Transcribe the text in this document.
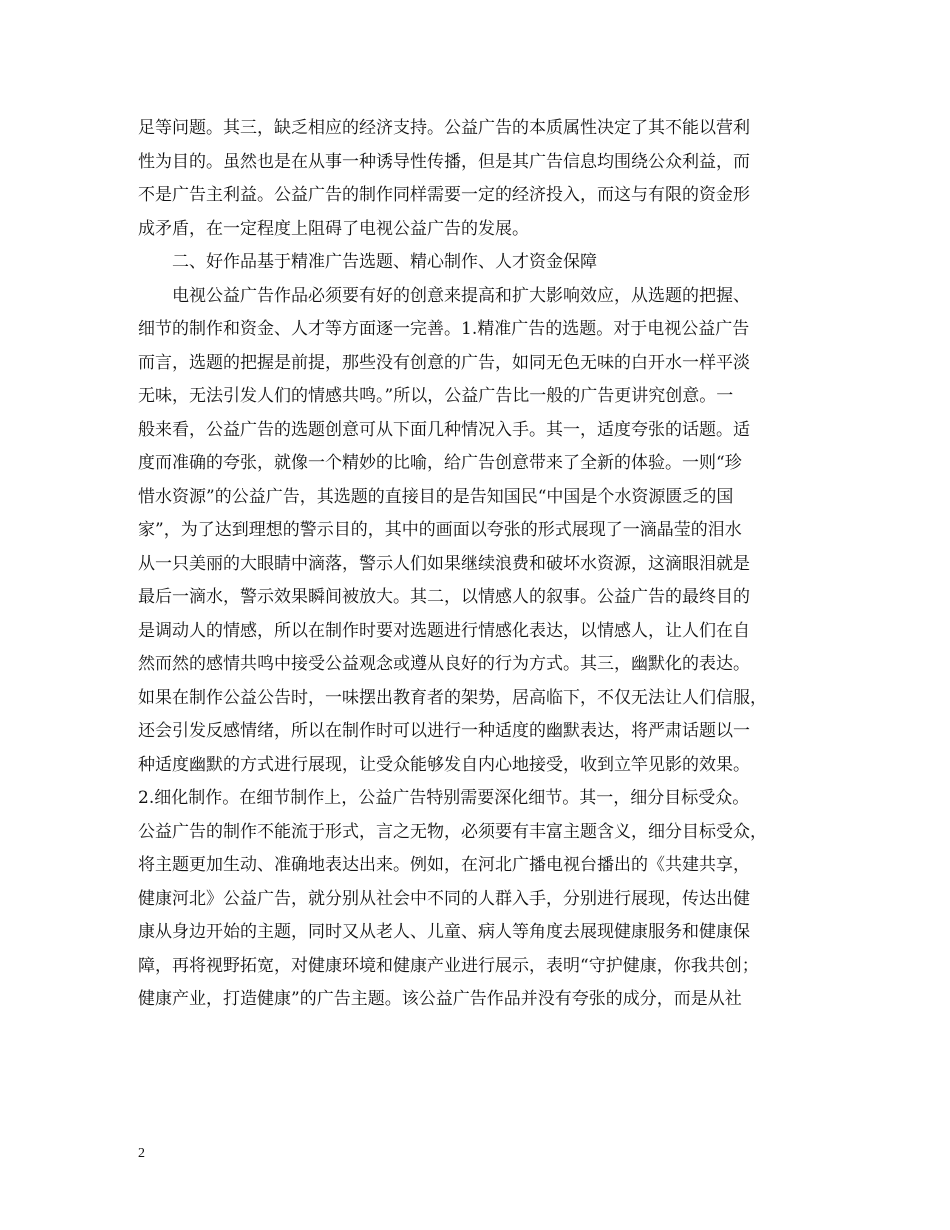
足等问题。其三，缺乏相应的经济支持。公益广告的本质属性决定了其不能以营利
性为目的。虽然也是在从事一种诱导性传播，但是其广告信息均围绕公众利益，而
不是广告主利益。公益广告的制作同样需要一定的经济投入，而这与有限的资金形
成矛盾，在一定程度上阻碍了电视公益广告的发展。
二、好作品基于精准广告选题、精心制作、人才资金保障
电视公益广告作品必须要有好的创意来提高和扩大影响效应，从选题的把握、
细节的制作和资金、人才等方面逐一完善。1.精准广告的选题。对于电视公益广告
而言，选题的把握是前提，那些没有创意的广告，如同无色无味的白开水一样平淡
无味，无法引发人们的情感共鸣。”所以，公益广告比一般的广告更讲究创意。一
般来看，公益广告的选题创意可从下面几种情况入手。其一，适度夸张的话题。适
度而准确的夸张，就像一个精妙的比喻，给广告创意带来了全新的体验。一则“珍
惜水资源”的公益广告，其选题的直接目的是告知国民“中国是个水资源匮乏的国
家”，为了达到理想的警示目的，其中的画面以夸张的形式展现了一滴晶莹的泪水
从一只美丽的大眼睛中滴落，警示人们如果继续浪费和破坏水资源，这滴眼泪就是
最后一滴水，警示效果瞬间被放大。其二，以情感人的叙事。公益广告的最终目的
是调动人的情感，所以在制作时要对选题进行情感化表达，以情感人，让人们在自
然而然的感情共鸣中接受公益观念或遵从良好的行为方式。其三，幽默化的表达。
如果在制作公益公告时，一味摆出教育者的架势，居高临下，不仅无法让人们信服，
还会引发反感情绪，所以在制作时可以进行一种适度的幽默表达，将严肃话题以一
种适度幽默的方式进行展现，让受众能够发自内心地接受，收到立竿见影的效果。
2.细化制作。在细节制作上，公益广告特别需要深化细节。其一，细分目标受众。
公益广告的制作不能流于形式，言之无物，必须要有丰富主题含义，细分目标受众，
将主题更加生动、准确地表达出来。例如，在河北广播电视台播出的《共建共享，
健康河北》公益广告，就分别从社会中不同的人群入手，分别进行展现，传达出健
康从身边开始的主题，同时又从老人、儿童、病人等角度去展现健康服务和健康保
障，再将视野拓宽，对健康环境和健康产业进行展示，表明“守护健康，你我共创；
健康产业，打造健康”的广告主题。该公益广告作品并没有夸张的成分，而是从社
2
